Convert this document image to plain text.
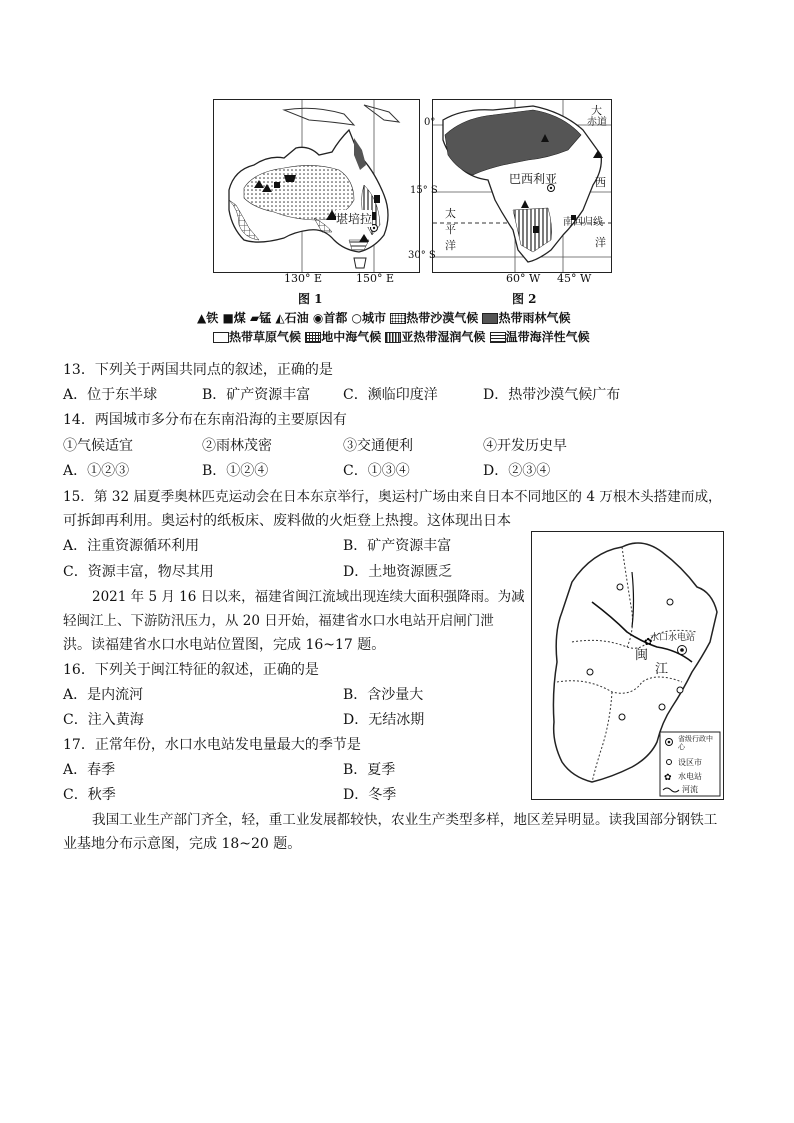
堪培拉
130° E	150° E
图 1
巴西利亚
赤道
南回归线
大
西
洋
太
平
洋
0°
15° S
30° S
60° W 45° W
图 2
▲铁 ■煤 ▰锰 ◭石油 ◉首都 ○城市 热带沙漠气候 热带雨林气候
热带草原气候 地中海气候 亚热带湿润气候 温带海洋性气候
13．下列关于两国共同点的叙述，正确的是
A．位于东半球	B．矿产资源丰富 C．濒临印度洋	D．热带沙漠气候广布
14．两国城市多分布在东南沿海的主要原因有
①气候适宜	②雨林茂密	③交通便利	④开发历史早
A．①②③	B．①②④	C．①③④	D．②③④
15．第 32 届夏季奥林匹克运动会在日本东京举行，奥运村广场由来自日本不同地区的 4 万根木头搭建而成，
可拆卸再利用。奥运村的纸板床、废料做的火炬登上热搜。这体现出日本
A．注重资源循环利用	B．矿产资源丰富
C．资源丰富，物尽其用	D．土地资源匮乏
2021 年 5 月 16 日以来，福建省闽江流域出现连续大面积强降雨。为减
轻闽江上、下游防汛压力，从 20 日开始，福建省水口水电站开启闸门泄
洪。读福建省水口水电站位置图，完成 16~17 题。
16．下列关于闽江特征的叙述，正确的是
A．是内流河	B．含沙量大
C．注入黄海	D．无结冰期
17．正常年份，水口水电站发电量最大的季节是
A．春季	B．夏季
C．秋季	D．冬季
✿
✿
水口水电站
闽
江
省级行政中心
设区市
水电站
河流
我国工业生产部门齐全，轻，重工业发展都较快，农业生产类型多样，地区差异明显。读我国部分钢铁工
业基地分布示意图，完成 18~20 题。
